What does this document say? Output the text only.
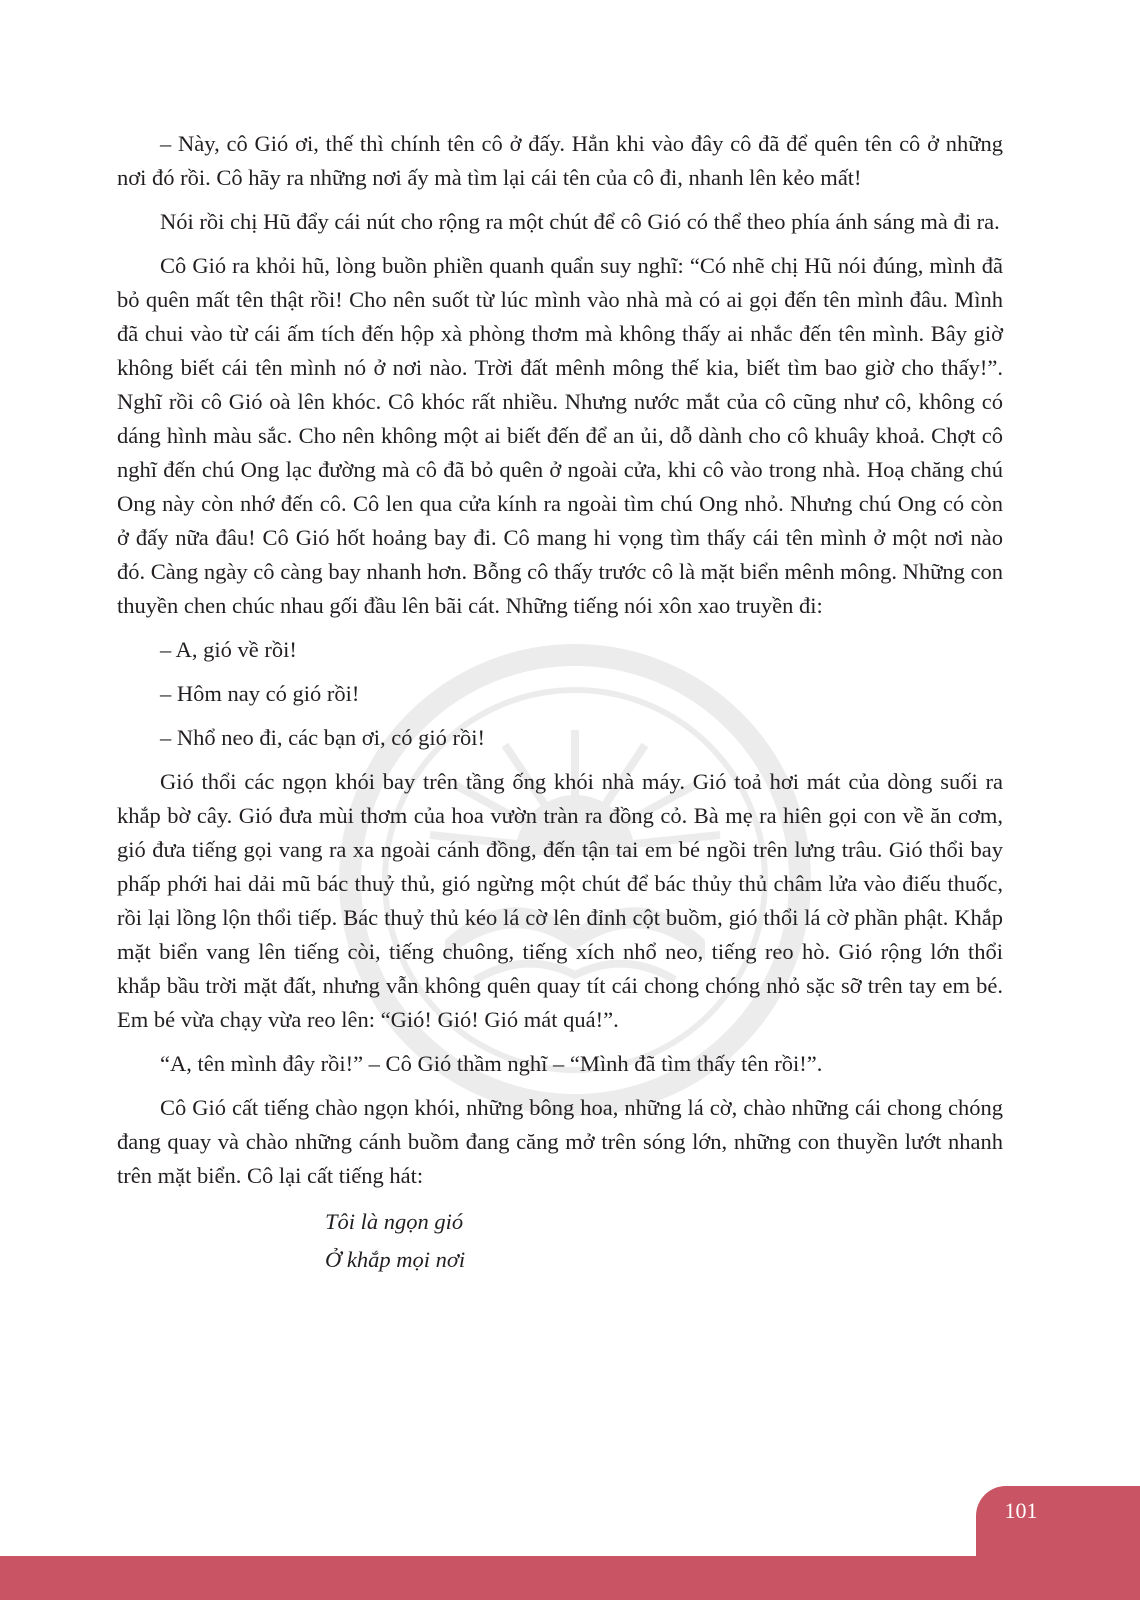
– Này, cô Gió ơi, thế thì chính tên cô ở đấy. Hẳn khi vào đây cô đã để quên tên cô ở những nơi đó rồi. Cô hãy ra những nơi ấy mà tìm lại cái tên của cô đi, nhanh lên kẻo mất!

Nói rồi chị Hũ đẩy cái nút cho rộng ra một chút để cô Gió có thể theo phía ánh sáng mà đi ra.

Cô Gió ra khỏi hũ, lòng buồn phiền quanh quẩn suy nghĩ: “Có nhẽ chị Hũ nói đúng, mình đã bỏ quên mất tên thật rồi! Cho nên suốt từ lúc mình vào nhà mà có ai gọi đến tên mình đâu. Mình đã chui vào từ cái ấm tích đến hộp xà phòng thơm mà không thấy ai nhắc đến tên mình. Bây giờ không biết cái tên mình nó ở nơi nào. Trời đất mênh mông thế kia, biết tìm bao giờ cho thấy!”. Nghĩ rồi cô Gió oà lên khóc. Cô khóc rất nhiều. Nhưng nước mắt của cô cũng như cô, không có dáng hình màu sắc. Cho nên không một ai biết đến để an ủi, dỗ dành cho cô khuây khoả. Chợt cô nghĩ đến chú Ong lạc đường mà cô đã bỏ quên ở ngoài cửa, khi cô vào trong nhà. Hoạ chăng chú Ong này còn nhớ đến cô. Cô len qua cửa kính ra ngoài tìm chú Ong nhỏ. Nhưng chú Ong có còn ở đấy nữa đâu! Cô Gió hốt hoảng bay đi. Cô mang hi vọng tìm thấy cái tên mình ở một nơi nào đó. Càng ngày cô càng bay nhanh hơn. Bỗng cô thấy trước cô là mặt biển mênh mông. Những con thuyền chen chúc nhau gối đầu lên bãi cát. Những tiếng nói xôn xao truyền đi:

– A, gió về rồi!

– Hôm nay có gió rồi!

– Nhổ neo đi, các bạn ơi, có gió rồi!

Gió thổi các ngọn khói bay trên tầng ống khói nhà máy. Gió toả hơi mát của dòng suối ra khắp bờ cây. Gió đưa mùi thơm của hoa vườn tràn ra đồng cỏ. Bà mẹ ra hiên gọi con về ăn cơm, gió đưa tiếng gọi vang ra xa ngoài cánh đồng, đến tận tai em bé ngồi trên lưng trâu. Gió thổi bay phấp phới hai dải mũ bác thuỷ thủ, gió ngừng một chút để bác thủy thủ châm lửa vào điếu thuốc, rồi lại lồng lộn thổi tiếp. Bác thuỷ thủ kéo lá cờ lên đỉnh cột buồm, gió thổi lá cờ phần phật. Khắp mặt biển vang lên tiếng còi, tiếng chuông, tiếng xích nhổ neo, tiếng reo hò. Gió rộng lớn thổi khắp bầu trời mặt đất, nhưng vẫn không quên quay tít cái chong chóng nhỏ sặc sỡ trên tay em bé. Em bé vừa chạy vừa reo lên: “Gió! Gió! Gió mát quá!”.

“A, tên mình đây rồi!” – Cô Gió thầm nghĩ – “Mình đã tìm thấy tên rồi!”.

Cô Gió cất tiếng chào ngọn khói, những bông hoa, những lá cờ, chào những cái chong chóng đang quay và chào những cánh buồm đang căng mở trên sóng lớn, những con thuyền lướt nhanh trên mặt biển. Cô lại cất tiếng hát:

Tôi là ngọn gió
Ở khắp mọi nơi
101
